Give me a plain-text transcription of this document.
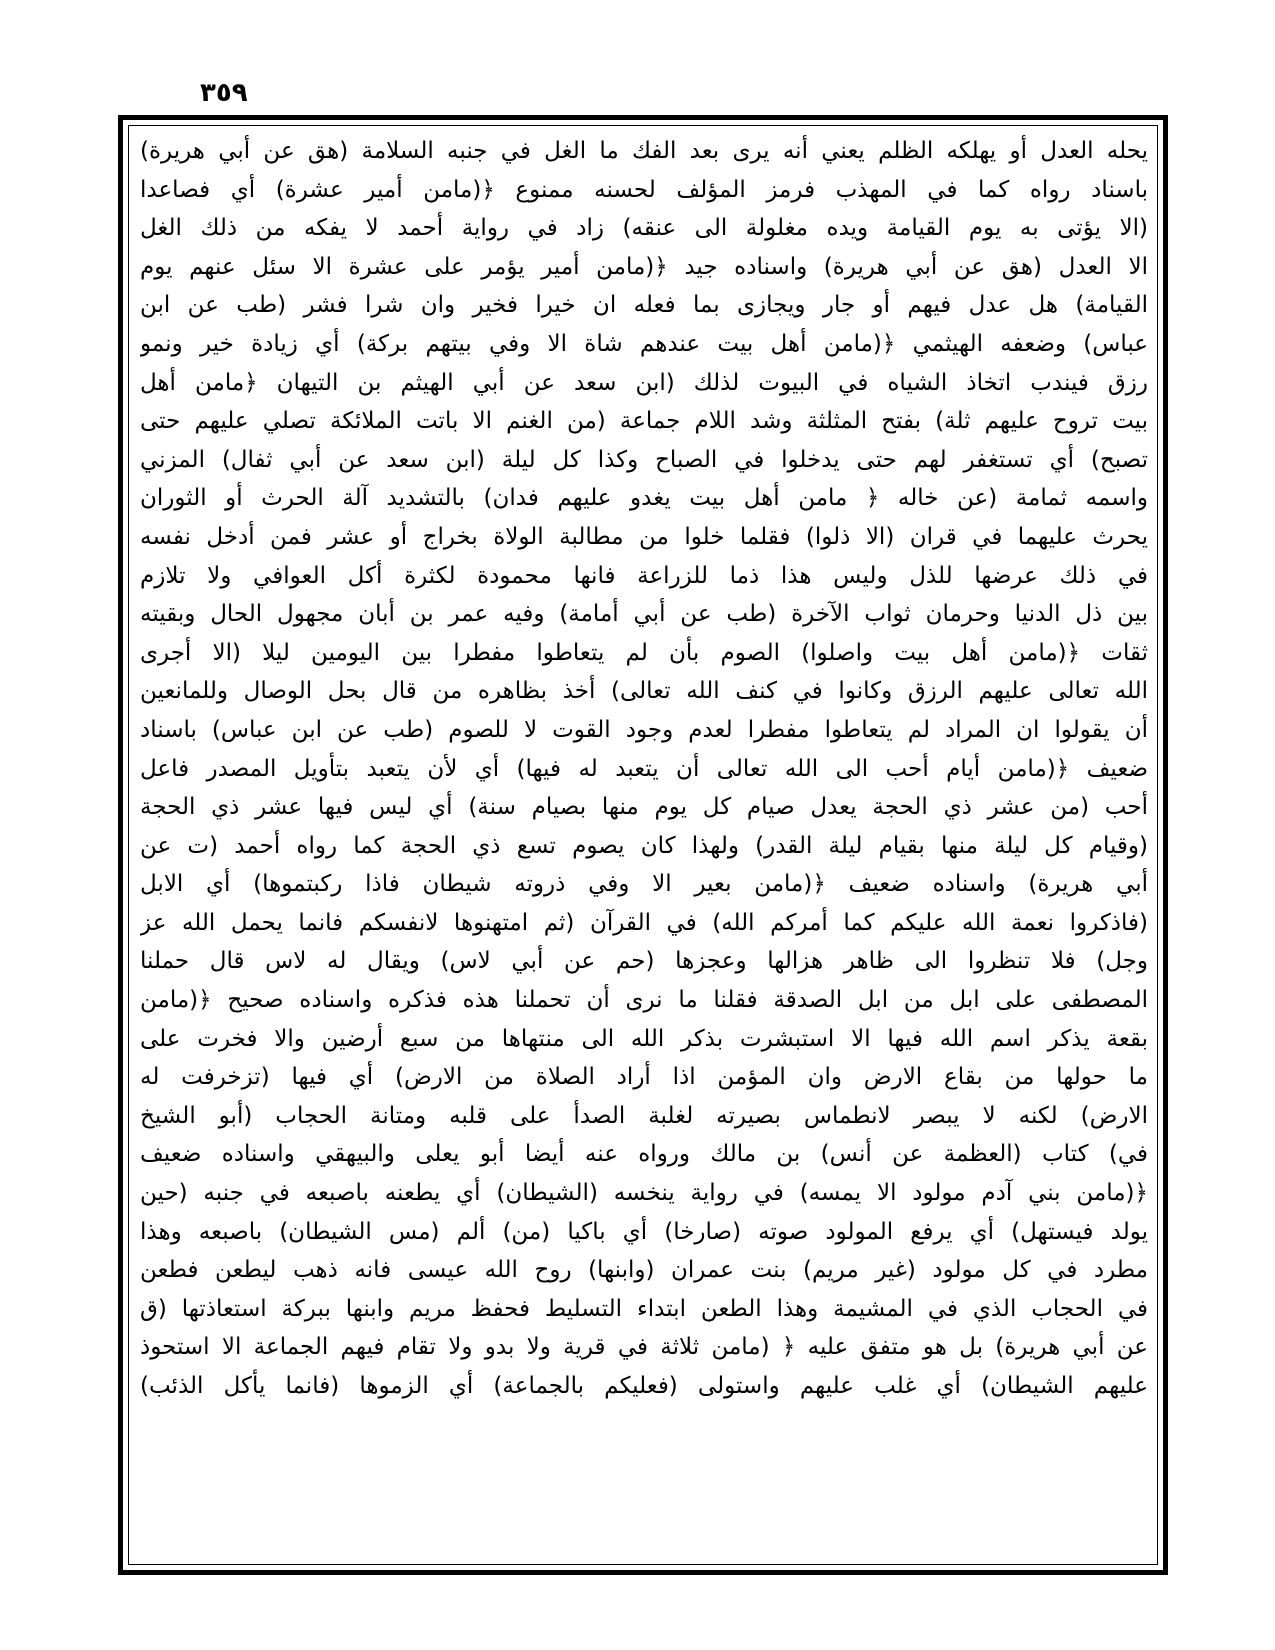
٣٥٩
يحله العدل أو يهلكه الظلم يعني أنه يرى بعد الفك ما الغل في جنبه السلامة (هق عن أبي هريرة)
باسناد رواه كما في المهذب فرمز المؤلف لحسنه ممنوع ﴿(مامن أمير عشرة) أي فصاعدا
(الا يؤتى به يوم القيامة ويده مغلولة الى عنقه) زاد في رواية أحمد لا يفكه من ذلك الغل
الا العدل (هق عن أبي هريرة) واسناده جيد ﴿(مامن أمير يؤمر على عشرة الا سئل عنهم يوم
القيامة) هل عدل فيهم أو جار ويجازى بما فعله ان خيرا فخير وان شرا فشر (طب عن ابن
عباس) وضعفه الهيثمي ﴿(مامن أهل بيت عندهم شاة الا وفي بيتهم بركة) أي زيادة خير ونمو
رزق فيندب اتخاذ الشياه في البيوت لذلك (ابن سعد عن أبي الهيثم بن التيهان ﴿مامن أهل
بيت تروح عليهم ثلة) بفتح المثلثة وشد اللام جماعة (من الغنم الا باتت الملائكة تصلي عليهم حتى
تصبح) أي تستغفر لهم حتى يدخلوا في الصباح وكذا كل ليلة (ابن سعد عن أبي ثفال) المزني
واسمه ثمامة (عن خاله ﴿ مامن أهل بيت يغدو عليهم فدان) بالتشديد آلة الحرث أو الثوران
يحرث عليهما في قران (الا ذلوا) فقلما خلوا من مطالبة الولاة بخراج أو عشر فمن أدخل نفسه
في ذلك عرضها للذل وليس هذا ذما للزراعة فانها محمودة لكثرة أكل العوافي ولا تلازم
بين ذل الدنيا وحرمان ثواب الآخرة (طب عن أبي أمامة) وفيه عمر بن أبان مجهول الحال وبقيته
ثقات ﴿(مامن أهل بيت واصلوا) الصوم بأن لم يتعاطوا مفطرا بين اليومين ليلا (الا أجرى
الله تعالى عليهم الرزق وكانوا في كنف الله تعالى) أخذ بظاهره من قال بحل الوصال وللمانعين
أن يقولوا ان المراد لم يتعاطوا مفطرا لعدم وجود القوت لا للصوم (طب عن ابن عباس) باسناد
ضعيف ﴿(مامن أيام أحب الى الله تعالى أن يتعبد له فيها) أي لأن يتعبد بتأويل المصدر فاعل
أحب (من عشر ذي الحجة يعدل صيام كل يوم منها بصيام سنة) أي ليس فيها عشر ذي الحجة
(وقيام كل ليلة منها بقيام ليلة القدر) ولهذا كان يصوم تسع ذي الحجة كما رواه أحمد (ت عن
أبي هريرة) واسناده ضعيف ﴿(مامن بعير الا وفي ذروته شيطان فاذا ركبتموها) أي الابل
(فاذكروا نعمة الله عليكم كما أمركم الله) في القرآن (ثم امتهنوها لانفسكم فانما يحمل الله عز
وجل) فلا تنظروا الى ظاهر هزالها وعجزها (حم عن أبي لاس) ويقال له لاس قال حملنا
المصطفى على ابل من ابل الصدقة فقلنا ما نرى أن تحملنا هذه فذكره واسناده صحيح ﴿(مامن
بقعة يذكر اسم الله فيها الا استبشرت بذكر الله الى منتهاها من سبع أرضين والا فخرت على
ما حولها من بقاع الارض وان المؤمن اذا أراد الصلاة من الارض) أي فيها (تزخرفت له
الارض) لكنه لا يبصر لانطماس بصيرته لغلبة الصدأ على قلبه ومتانة الحجاب (أبو الشيخ
في) كتاب (العظمة عن أنس) بن مالك ورواه عنه أيضا أبو يعلى والبيهقي واسناده ضعيف
﴿(مامن بني آدم مولود الا يمسه) في رواية ينخسه (الشيطان) أي يطعنه باصبعه في جنبه (حين
يولد فيستهل) أي يرفع المولود صوته (صارخا) أي باكيا (من) ألم (مس الشيطان) باصبعه وهذا
مطرد في كل مولود (غير مريم) بنت عمران (وابنها) روح الله عيسى فانه ذهب ليطعن فطعن
في الحجاب الذي في المشيمة وهذا الطعن ابتداء التسليط فحفظ مريم وابنها ببركة استعاذتها (ق
عن أبي هريرة) بل هو متفق عليه ﴿ (مامن ثلاثة في قرية ولا بدو ولا تقام فيهم الجماعة الا استحوذ
عليهم الشيطان) أي غلب عليهم واستولى (فعليكم بالجماعة) أي الزموها (فانما يأكل الذئب)
